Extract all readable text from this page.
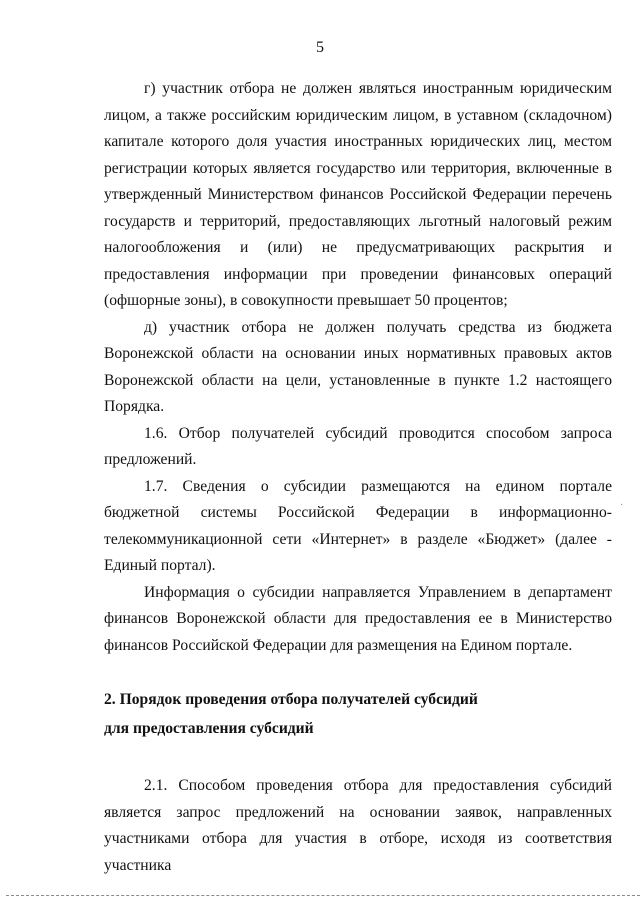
5

г) участник отбора не должен являться иностранным юридическим лицом, а также российским юридическим лицом, в уставном (складочном) капитале которого доля участия иностранных юридических лиц, местом регистрации которых является государство или территория, включенные в утвержденный Министерством финансов Российской Федерации перечень государств и территорий, предоставляющих льготный налоговый режим налогообложения и (или) не предусматривающих раскрытия и предоставления информации при проведении финансовых операций (офшорные зоны), в совокупности превышает 50 процентов;

д) участник отбора не должен получать средства из бюджета Воронежской области на основании иных нормативных правовых актов Воронежской области на цели, установленные в пункте 1.2 настоящего Порядка.

1.6. Отбор получателей субсидий проводится способом запроса предложений.

1.7. Сведения о субсидии размещаются на едином портале бюджетной системы Российской Федерации в информационно-телекоммуникационной сети «Интернет» в разделе «Бюджет» (далее - Единый портал).

Информация о субсидии направляется Управлением в департамент финансов Воронежской области для предоставления ее в Министерство финансов Российской Федерации для размещения на Едином портале.

2. Порядок проведения отбора получателей субсидий
для предоставления субсидий

2.1. Способом проведения отбора для предоставления субсидий является запрос предложений на основании заявок, направленных участниками отбора для участия в отборе, исходя из соответствия участника

·
